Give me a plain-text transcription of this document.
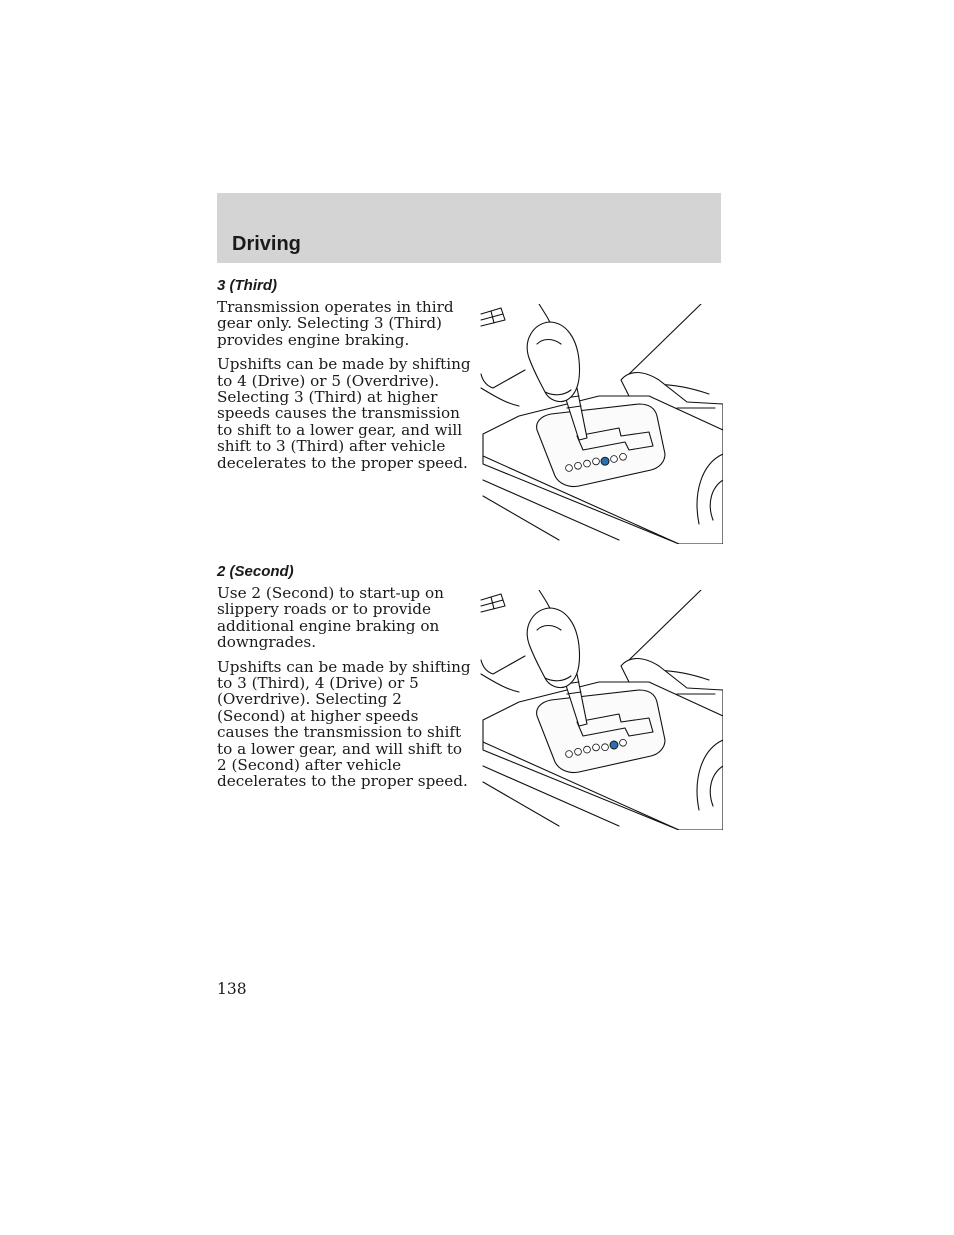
Driving
3 (Third)

Transmission operates in third gear only. Selecting 3 (Third) provides engine braking.

Upshifts can be made by shifting to 4 (Drive) or 5 (Overdrive). Selecting 3 (Third) at higher speeds causes the transmission to shift to a lower gear, and will shift to 3 (Third) after vehicle decelerates to the proper speed.

2 (Second)

Use 2 (Second) to start-up on slippery roads or to provide additional engine braking on downgrades.

Upshifts can be made by shifting to 3 (Third), 4 (Drive) or 5 (Overdrive). Selecting 2 (Second) at higher speeds causes the transmission to shift to a lower gear, and will shift to 2 (Second) after vehicle decelerates to the proper speed.

138
